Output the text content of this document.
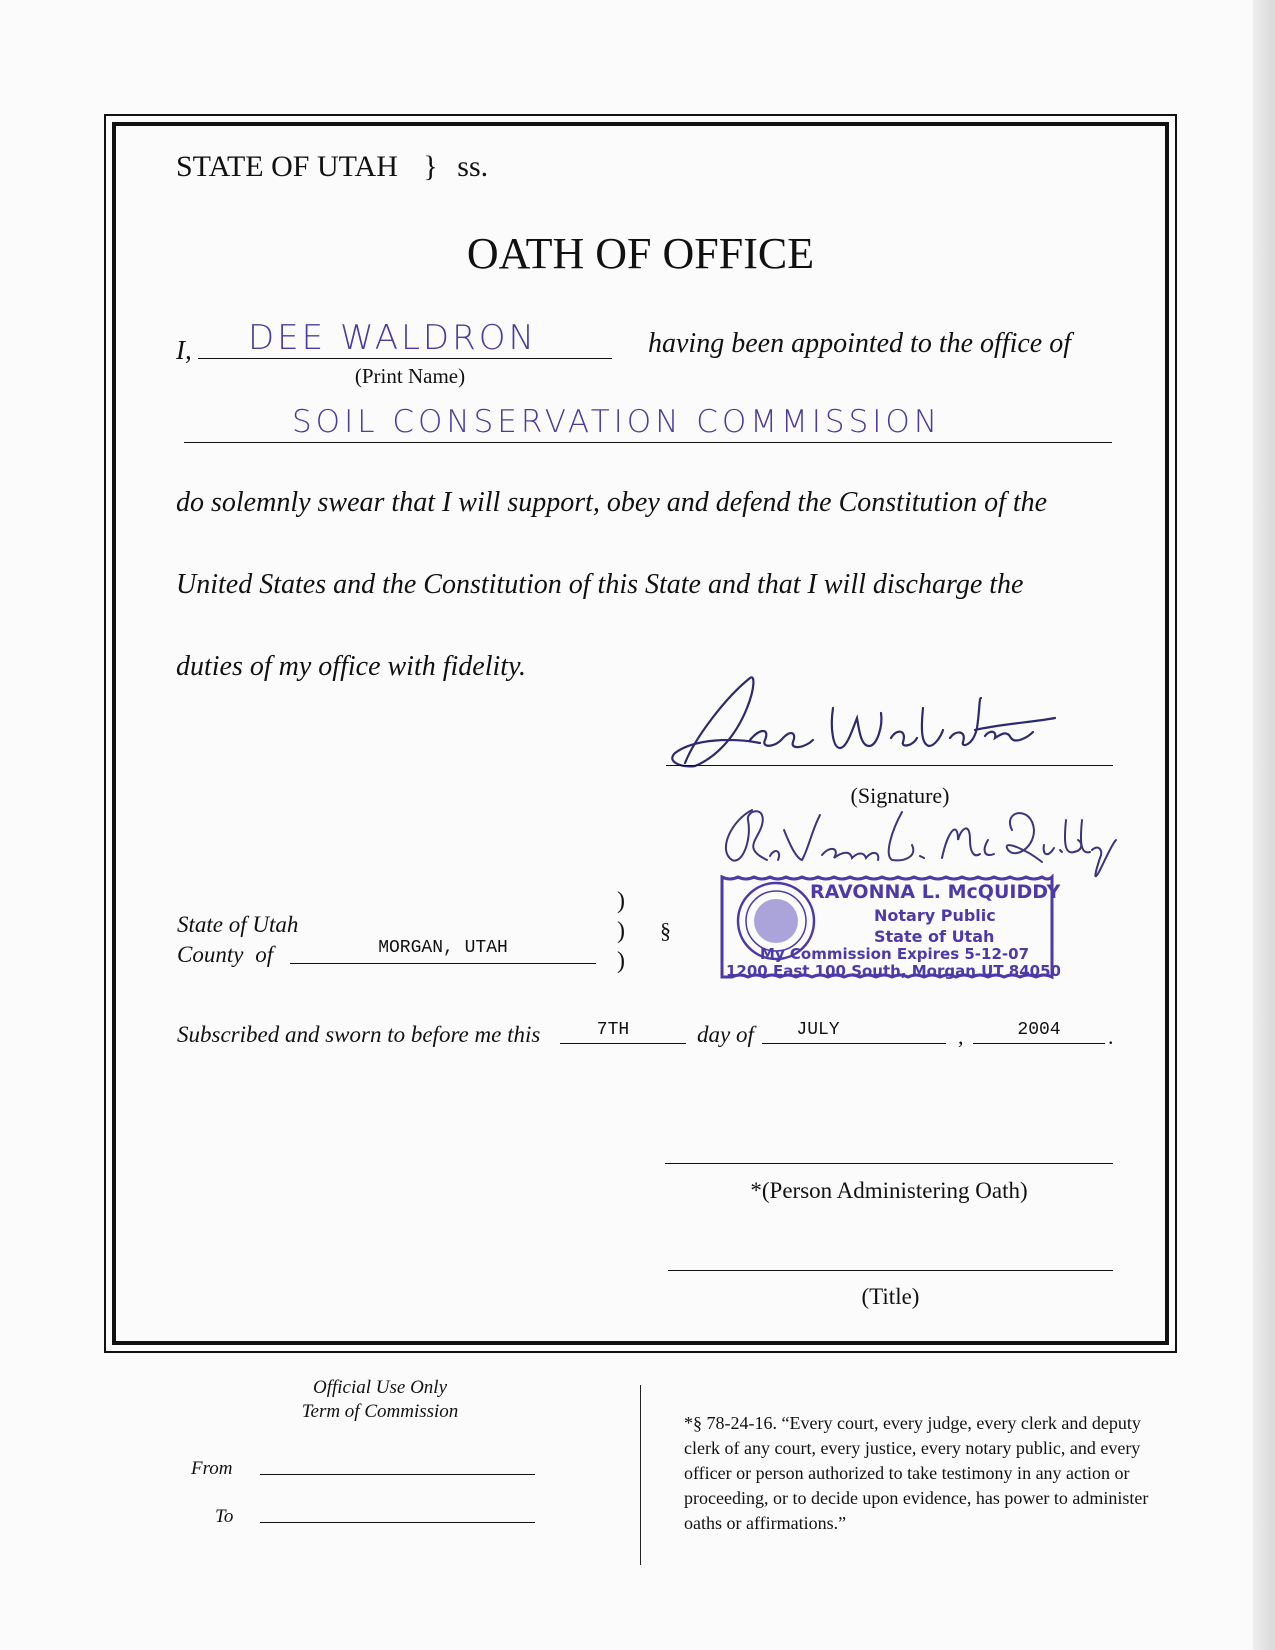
STATE OF UTAH } ss.
OATH OF OFFICE
I, DEE WALDRON	having been appointed to the office of
(Print Name)
SOIL CONSERVATION COMMISSION
do solemnly swear that I will support, obey and defend the Constitution of the
United States and the Constitution of this State and that I will discharge the
duties of my office with fidelity.
(Signature)
RAVONNA L. McQUIDDY
Notary Public
State of Utah
My Commission Expires 5-12-07
1200 East 100 South, Morgan UT 84050
State of Utah
County of	MORGAN, UTAH
)
)
)
§
Subscribed and sworn to before me this	7TH	day of	JULY	,	2004	.
*(Person Administering Oath)
(Title)
Official Use Only
Term of Commission
From
To
*§ 78-24-16. “Every court, every judge, every clerk and deputy clerk of any court, every justice, every notary public, and every officer or person authorized to take testimony in any action or proceeding, or to decide upon evidence, has power to administer oaths or affirmations.”
